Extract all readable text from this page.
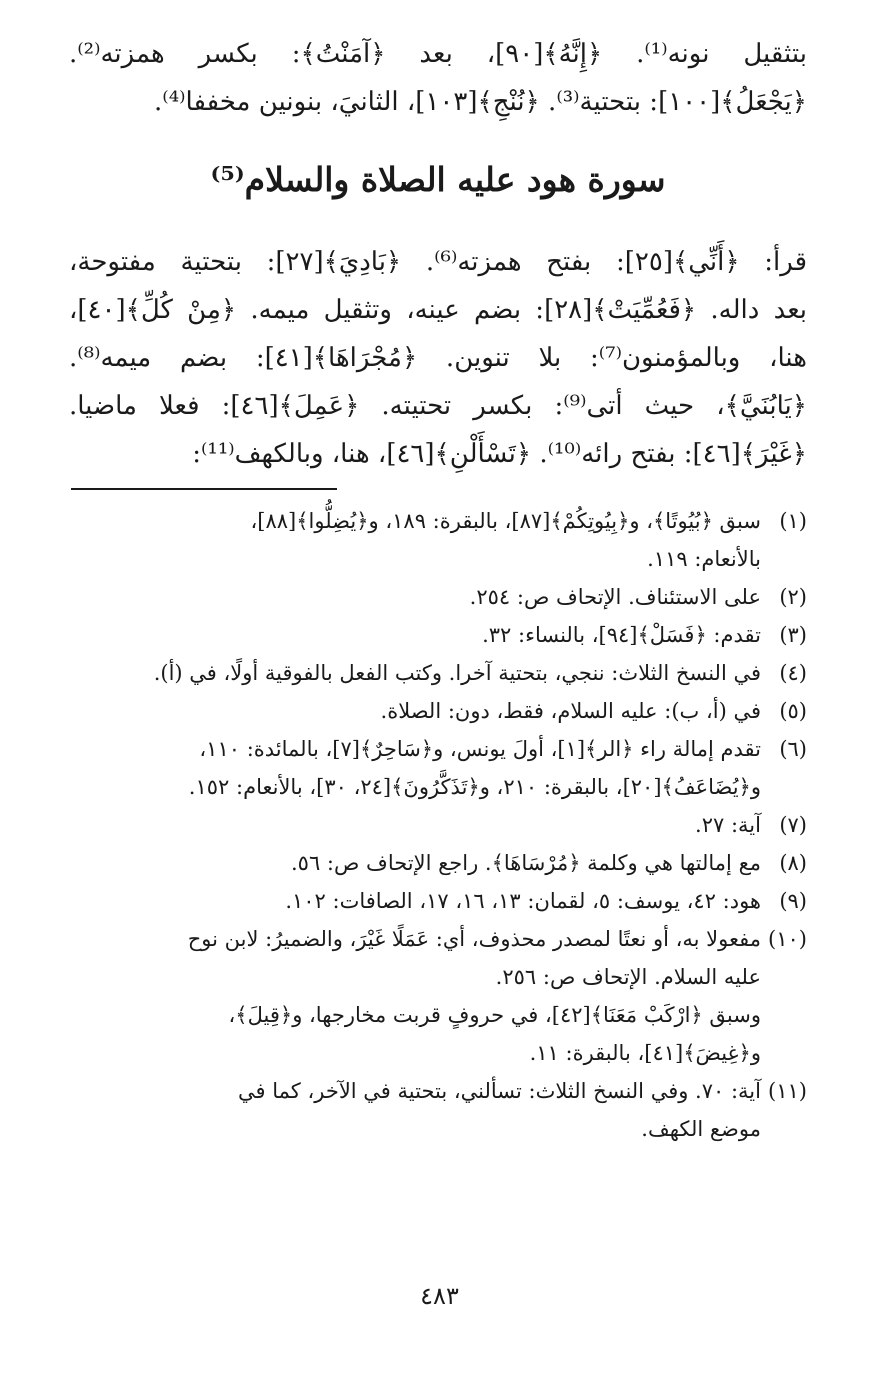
بتثقيل نونه⁽¹⁾. ﴿إِنَّهُ﴾[٩٠]، بعد ﴿آمَنْتُ﴾: بكسر همزته⁽²⁾.
﴿يَجْعَلُ﴾[١٠٠]: بتحتية⁽³⁾. ﴿نُنْجِ﴾[١٠٣]، الثانيَ، بنونين مخففا⁽⁴⁾.
سورة هود عليه الصلاة والسلام⁽⁵⁾
قرأ: ﴿أَنِّي﴾[٢٥]: بفتح همزته⁽⁶⁾. ﴿بَادِيَ﴾[٢٧]: بتحتية مفتوحة،
بعد داله. ﴿فَعُمِّيَتْ﴾[٢٨]: بضم عينه، وتثقيل ميمه. ﴿مِنْ كُلِّ﴾[٤٠]،
هنا، وبالمؤمنون⁽⁷⁾: بلا تنوين. ﴿مُجْرَاهَا﴾[٤١]: بضم ميمه⁽⁸⁾.
﴿يَابُنَيَّ﴾، حيث أتى⁽⁹⁾: بكسر تحتيته. ﴿عَمِلَ﴾[٤٦]: فعلا ماضيا.
﴿غَيْرَ﴾[٤٦]: بفتح رائه⁽¹⁰⁾. ﴿تَسْأَلْنِ﴾[٤٦]، هنا، وبالكهف⁽¹¹⁾:
(١)
سبق ﴿بُيُوتًا﴾، و﴿بِيُوتِكُمْ﴾[٨٧]، بالبقرة: ١٨٩، و﴿يُضِلُّوا﴾[٨٨]،
بالأنعام: ١١٩.
(٢)
على الاستئناف. الإتحاف ص: ٢٥٤.
(٣)
تقدم: ﴿فَسَلْ﴾[٩٤]، بالنساء: ٣٢.
(٤)
في النسخ الثلاث: ننجي، بتحتية آخرا. وكتب الفعل بالفوقية أولًا، في (أ).
(٥)
في (أ، ب): عليه السلام، فقط، دون: الصلاة.
(٦)
تقدم إمالة راء ﴿الر﴾[١]، أولَ يونس، و﴿سَاحِرٌ﴾[٧]، بالمائدة: ١١٠،
و﴿يُضَاعَفُ﴾[٢٠]، بالبقرة: ٢١٠، و﴿تَذَكَّرُونَ﴾[٢٤، ٣٠]، بالأنعام: ١٥٢.
(٧)
آية: ٢٧.
(٨)
مع إمالتها هي وكلمة ﴿مُرْسَاهَا﴾. راجع الإتحاف ص: ٥٦.
(٩)
هود: ٤٢، يوسف: ٥، لقمان: ١٣، ١٦، ١٧، الصافات: ١٠٢.
(١٠)
مفعولا به، أو نعتًا لمصدر محذوف، أي: عَمَلًا غَيْرَ، والضميرُ: لابن نوح
عليه السلام. الإتحاف ص: ٢٥٦.
وسبق ﴿ارْكَبْ مَعَنَا﴾[٤٢]، في حروفٍ قربت مخارجها، و﴿قِيلَ﴾،
و﴿غِيضَ﴾[٤١]، بالبقرة: ١١.
(١١)
آية: ٧٠. وفي النسخ الثلاث: تسألني، بتحتية في الآخر، كما في
موضع الكهف.
٤٨٣
